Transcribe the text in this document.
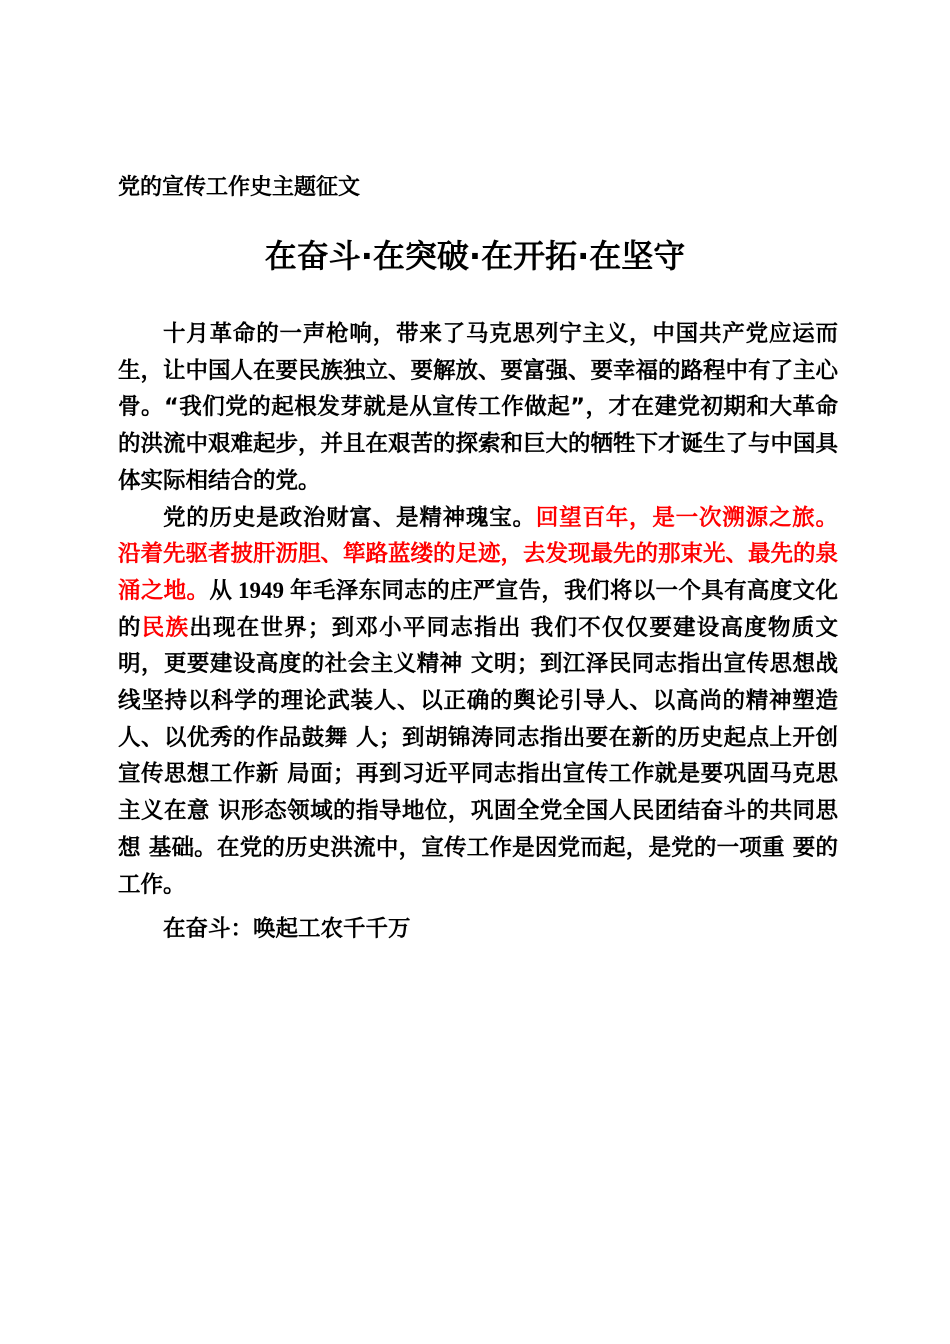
党的宣传工作史主题征文
在奋斗·在突破·在开拓·在坚守

十月革命的一声枪响，带来了马克思列宁主义，中国共产党应运而生，让中国人在要民族独立、要解放、要富强、要幸福的路程中有了主心骨。“我们党的起根发芽就是从宣传工作做起”，才在建党初期和大革命的洪流中艰难起步，并且在艰苦的探索和巨大的牺牲下才诞生了与中国具体实际相结合的党。

党的历史是政治财富、是精神瑰宝。回望百年，是一次溯源之旅。沿着先驱者披肝沥胆、筚路蓝缕的足迹，去发现最先的那束光、最先的泉涌之地。从 1949 年毛泽东同志的庄严宣告，我们将以一个具有高度文化的民族出现在世界；到邓小平同志指出 我们不仅仅要建设高度物质文明，更要建设高度的社会主义精神 文明；到江泽民同志指出宣传思想战线坚持以科学的理论武装人、以正确的舆论引导人、以高尚的精神塑造人、以优秀的作品鼓舞 人；到胡锦涛同志指出要在新的历史起点上开创宣传思想工作新 局面；再到习近平同志指出宣传工作就是要巩固马克思主义在意 识形态领域的指导地位，巩固全党全国人民团结奋斗的共同思想 基础。在党的历史洪流中，宣传工作是因党而起，是党的一项重 要的工作。

在奋斗：唤起工农千千万
